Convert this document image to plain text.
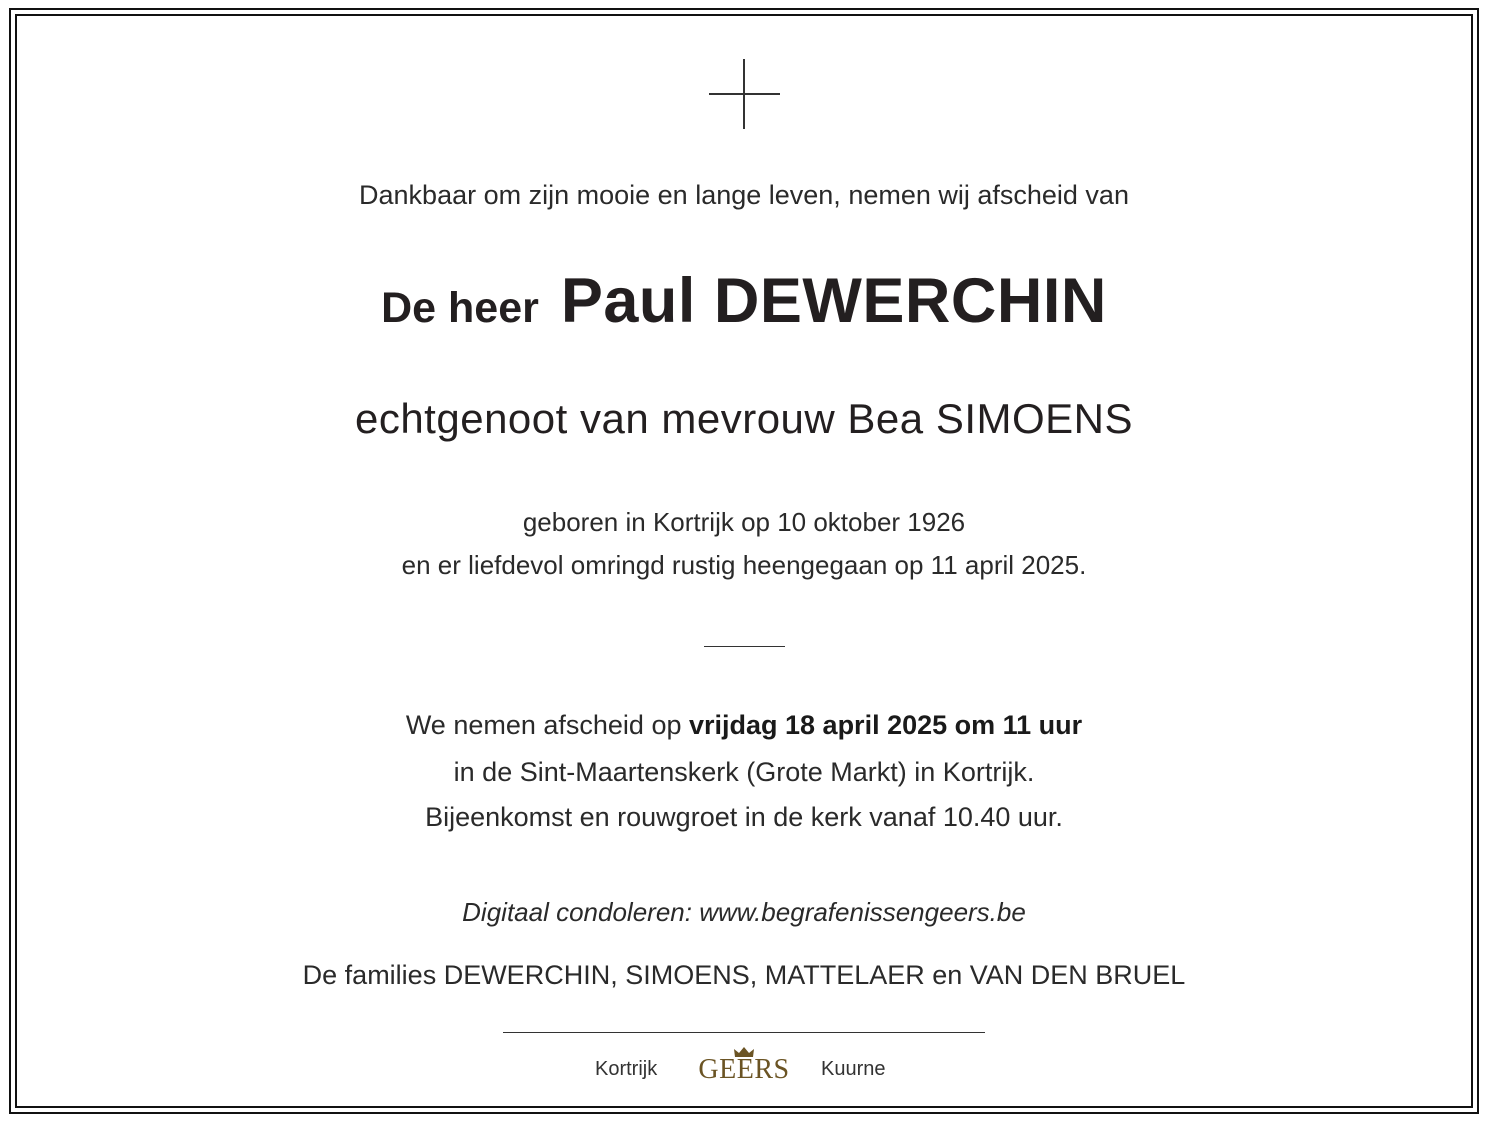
Dankbaar om zijn mooie en lange leven, nemen wij afscheid van
De heer Paul DEWERCHIN
echtgenoot van mevrouw Bea SIMOENS
geboren in Kortrijk op 10 oktober 1926
en er liefdevol omringd rustig heengegaan op 11 april 2025.
We nemen afscheid op vrijdag 18 april 2025 om 11 uur
in de Sint-Maartenskerk (Grote Markt) in Kortrijk.
Bijeenkomst en rouwgroet in de kerk vanaf 10.40 uur.
Digitaal condoleren: www.begrafenissengeers.be
De families DEWERCHIN, SIMOENS, MATTELAER en VAN DEN BRUEL
Kortrijk GEERS Kuurne
